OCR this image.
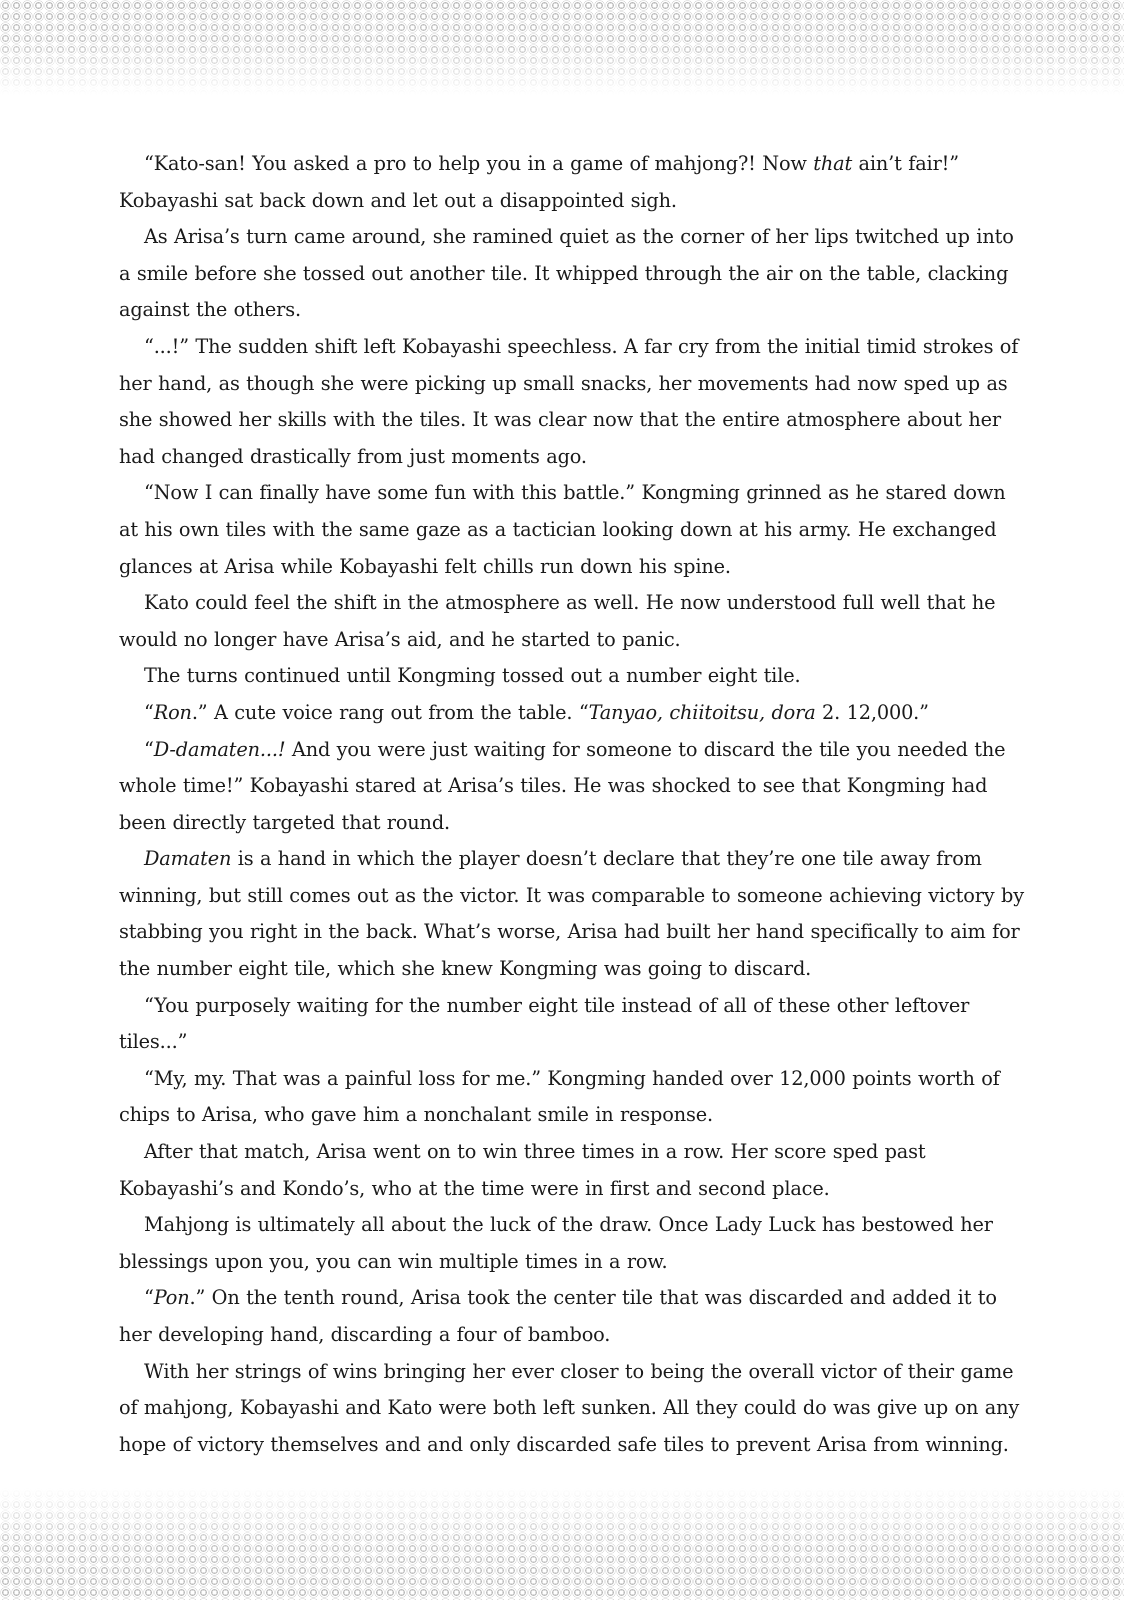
“Kato-san! You asked a pro to help you in a game of mahjong?! Now that ain’t fair!” Kobayashi sat back down and let out a disappointed sigh.

As Arisa’s turn came around, she ramined quiet as the corner of her lips twitched up into a smile before she tossed out another tile. It whipped through the air on the table, clacking against the others.

“...!” The sudden shift left Kobayashi speechless. A far cry from the initial timid strokes of her hand, as though she were picking up small snacks, her movements had now sped up as she showed her skills with the tiles. It was clear now that the entire atmosphere about her had changed drastically from just moments ago.

“Now I can finally have some fun with this battle.” Kongming grinned as he stared down at his own tiles with the same gaze as a tactician looking down at his army. He exchanged glances at Arisa while Kobayashi felt chills run down his spine.

Kato could feel the shift in the atmosphere as well. He now understood full well that he would no longer have Arisa’s aid, and he started to panic.

The turns continued until Kongming tossed out a number eight tile.

“Ron.” A cute voice rang out from the table. “Tanyao, chiitoitsu, dora 2. 12,000.”

“D-damaten...! And you were just waiting for someone to discard the tile you needed the whole time!” Kobayashi stared at Arisa’s tiles. He was shocked to see that Kongming had been directly targeted that round.

Damaten is a hand in which the player doesn’t declare that they’re one tile away from winning, but still comes out as the victor. It was comparable to someone achieving victory by stabbing you right in the back. What’s worse, Arisa had built her hand specifically to aim for the number eight tile, which she knew Kongming was going to discard.

“You purposely waiting for the number eight tile instead of all of these other leftover tiles...”

“My, my. That was a painful loss for me.” Kongming handed over 12,000 points worth of chips to Arisa, who gave him a nonchalant smile in response.

After that match, Arisa went on to win three times in a row. Her score sped past Kobayashi’s and Kondo’s, who at the time were in first and second place.

Mahjong is ultimately all about the luck of the draw. Once Lady Luck has bestowed her blessings upon you, you can win multiple times in a row.

“Pon.” On the tenth round, Arisa took the center tile that was discarded and added it to her developing hand, discarding a four of bamboo.

With her strings of wins bringing her ever closer to being the overall victor of their game of mahjong, Kobayashi and Kato were both left sunken. All they could do was give up on any hope of victory themselves and and only discarded safe tiles to prevent Arisa from winning.
